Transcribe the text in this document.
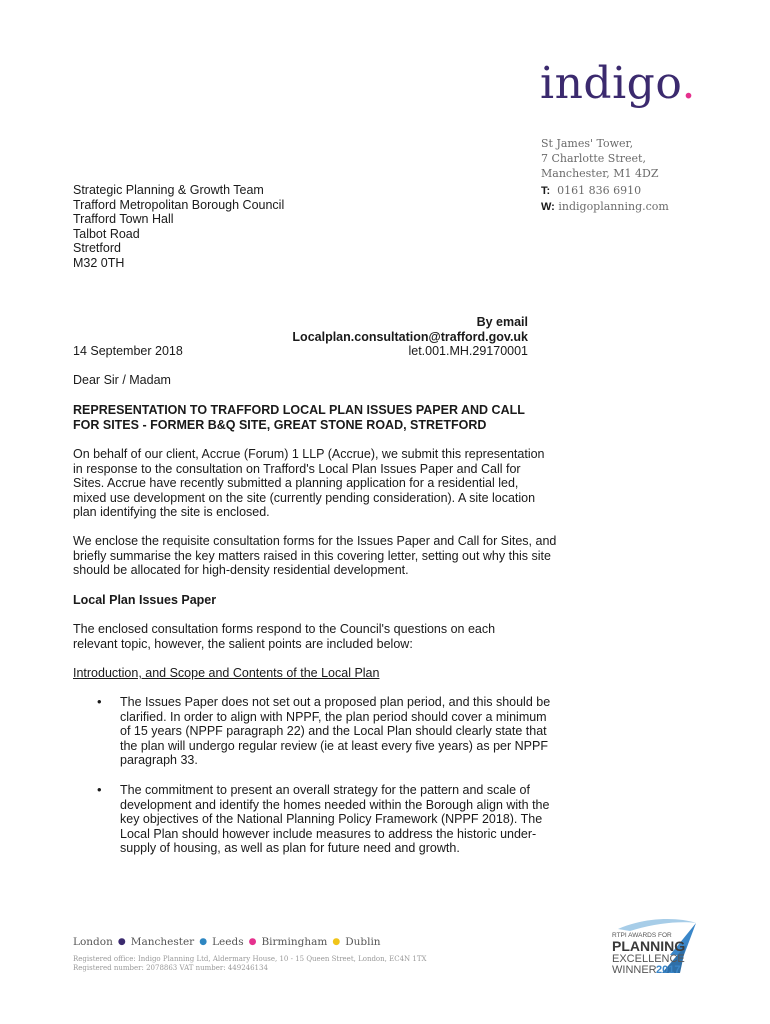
indigo.
St James' Tower,
7 Charlotte Street,
Manchester, M1 4DZ
T: 0161 836 6910
W: indigoplanning.com
Strategic Planning & Growth Team
Trafford Metropolitan Borough Council
Trafford Town Hall
Talbot Road
Stretford
M32 0TH
By email
Localplan.consultation@trafford.gov.uk
let.001.MH.29170001
14 September 2018
Dear Sir / Madam
REPRESENTATION TO TRAFFORD LOCAL PLAN ISSUES PAPER AND CALL
FOR SITES - FORMER B&Q SITE, GREAT STONE ROAD, STRETFORD

On behalf of our client, Accrue (Forum) 1 LLP (Accrue), we submit this representation in response to the consultation on Trafford's Local Plan Issues Paper and Call for Sites. Accrue have recently submitted a planning application for a residential led, mixed use development on the site (currently pending consideration). A site location plan identifying the site is enclosed.

We enclose the requisite consultation forms for the Issues Paper and Call for Sites, and briefly summarise the key matters raised in this covering letter, setting out why this site should be allocated for high-density residential development.

Local Plan Issues Paper

The enclosed consultation forms respond to the Council's questions on each relevant topic, however, the salient points are included below:

Introduction, and Scope and Contents of the Local Plan
• The Issues Paper does not set out a proposed plan period, and this should be clarified. In order to align with NPPF, the plan period should cover a minimum of 15 years (NPPF paragraph 22) and the Local Plan should clearly state that the plan will undergo regular review (ie at least every five years) as per NPPF paragraph 33.
• The commitment to present an overall strategy for the pattern and scale of development and identify the homes needed within the Borough align with the key objectives of the National Planning Policy Framework (NPPF 2018). The Local Plan should however include measures to address the historic under-supply of housing, as well as plan for future need and growth.
London ● Manchester ● Leeds ● Birmingham ● Dublin
Registered office: Indigo Planning Ltd, Aldermary House, 10 - 15 Queen Street, London, EC4N 1TX
Registered number: 2078863 VAT number: 449246134
RTPI AWARDS FOR
PLANNING
EXCELLENCE
WINNER 2017
